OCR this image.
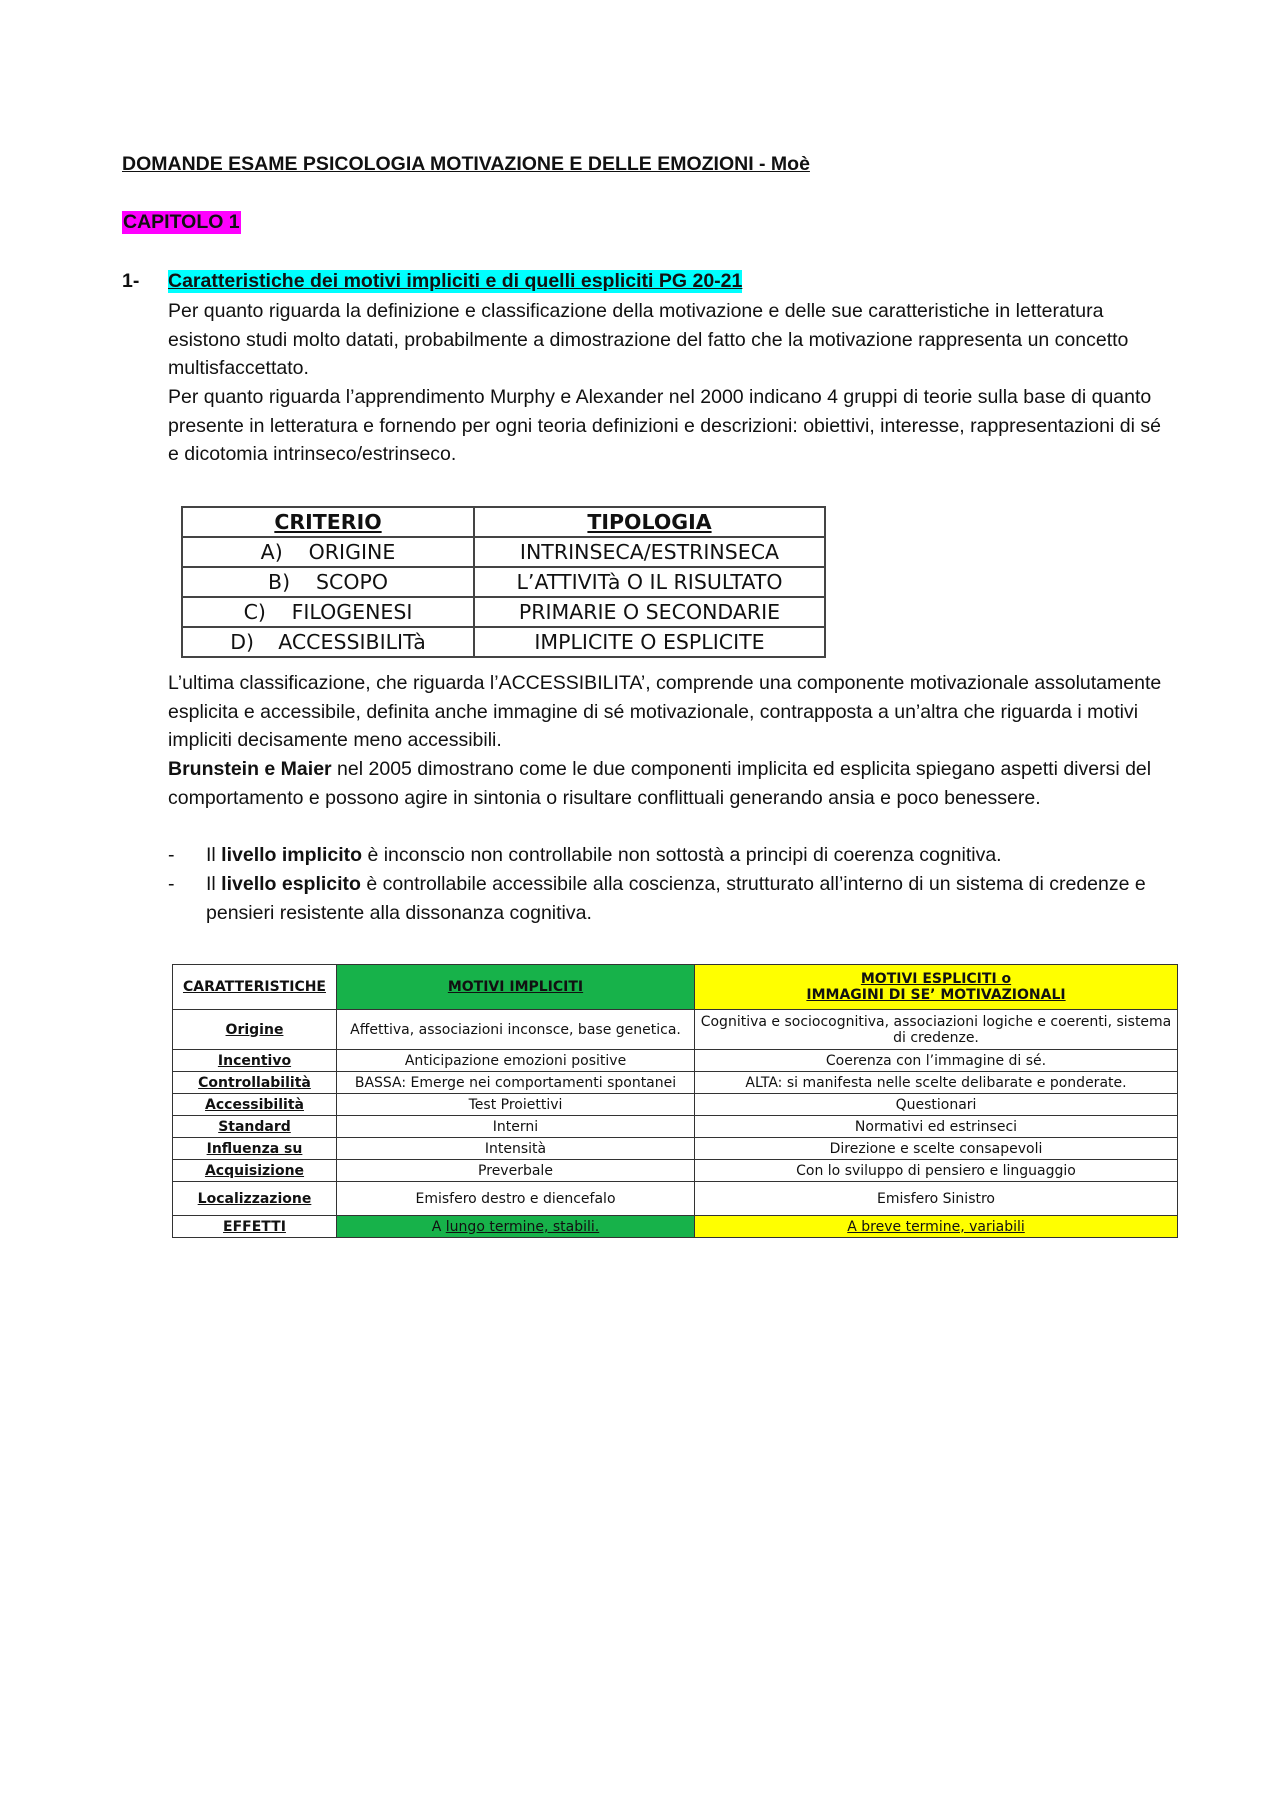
DOMANDE ESAME PSICOLOGIA MOTIVAZIONE E DELLE EMOZIONI - Moè
CAPITOLO 1
1- Caratteristiche dei motivi impliciti e di quelli espliciti PG 20-21

Per quanto riguarda la definizione e classificazione della motivazione e delle sue caratteristiche in letteratura esistono studi molto datati, probabilmente a dimostrazione del fatto che la motivazione rappresenta un concetto multisfaccettato.

Per quanto riguarda l’apprendimento Murphy e Alexander nel 2000 indicano 4 gruppi di teorie sulla base di quanto presente in letteratura e fornendo per ogni teoria definizioni e descrizioni: obiettivi, interesse, rappresentazioni di sé e dicotomia intrinseco/estrinseco.

CRITERIO	TIPOLOGIA
A) ORIGINE	INTRINSECA/ESTRINSECA
B) SCOPO	L’ATTIVITà O IL RISULTATO
C) FILOGENESI	PRIMARIE O SECONDARIE
D) ACCESSIBILITà	IMPLICITE O ESPLICITE

L’ultima classificazione, che riguarda l’ACCESSIBILITA’, comprende una componente motivazionale assolutamente esplicita e accessibile, definita anche immagine di sé motivazionale, contrapposta a un’altra che riguarda i motivi impliciti decisamente meno accessibili.

Brunstein e Maier nel 2005 dimostrano come le due componenti implicita ed esplicita spiegano aspetti diversi del comportamento e possono agire in sintonia o risultare conflittuali generando ansia e poco benessere.

- Il livello implicito è inconscio non controllabile non sottostà a principi di coerenza cognitiva.
- Il livello esplicito è controllabile accessibile alla coscienza, strutturato all’interno di un sistema di credenze e pensieri resistente alla dissonanza cognitiva.
CARATTERISTICHE	MOTIVI IMPLICITI	MOTIVI ESPLICITI o
IMMAGINI DI SE’ MOTIVAZIONALI
Origine	Affettiva, associazioni inconsce, base genetica.	Cognitiva e sociocognitiva, associazioni logiche e coerenti, sistema di credenze.
Incentivo	Anticipazione emozioni positive	Coerenza con l’immagine di sé.
Controllabilità	BASSA: Emerge nei comportamenti spontanei	ALTA: si manifesta nelle scelte delibarate e ponderate.
Accessibilità	Test Proiettivi	Questionari
Standard	Interni	Normativi ed estrinseci
Influenza su	Intensità	Direzione e scelte consapevoli
Acquisizione	Preverbale	Con lo sviluppo di pensiero e linguaggio
Localizzazione	Emisfero destro e diencefalo	Emisfero Sinistro
EFFETTI	A lungo termine, stabili.	A breve termine, variabili
